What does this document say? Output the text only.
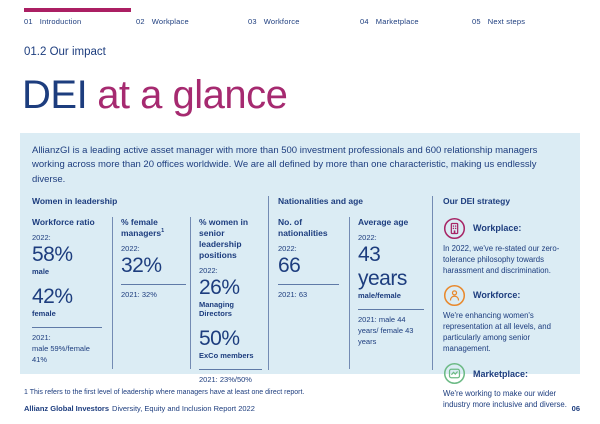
01 Introduction	02 Workplace	03 Workforce	04 Marketplace	05 Next steps
01.2 Our impact
DEI at a glance

AllianzGI is a leading active asset manager with more than 500 investment professionals and 600 relationship managers working across more than 20 offices worldwide. We are all defined by more than one characteristic, making us endlessly diverse.

Women in leadership
Workforce ratio
2022:
58%
male
42%
female
2021:
male 59%/female 41%
% female managers$^1$
2022:
32%
2021: 32%
% women in senior leadership positions
2022:
26%
Managing Directors
50%
ExCo members
2021: 23%/50%
Nationalities and age
No. of nationalities
2022:
66
2021: 63
Average age
2022:
43 years
male/female
2021: male 44 years/ female 43 years
Our DEI strategy
Workplace:
In 2022, we've re-stated our zero-tolerance philosophy towards harassment and discrimination.
Workforce:
We're enhancing women's representation at all levels, and particularly among senior management.
Marketplace:
We're working to make our wider industry more inclusive and diverse.
1 This refers to the first level of leadership where managers have at least one direct report.
Allianz Global Investors Diversity, Equity and Inclusion Report 2022	06
